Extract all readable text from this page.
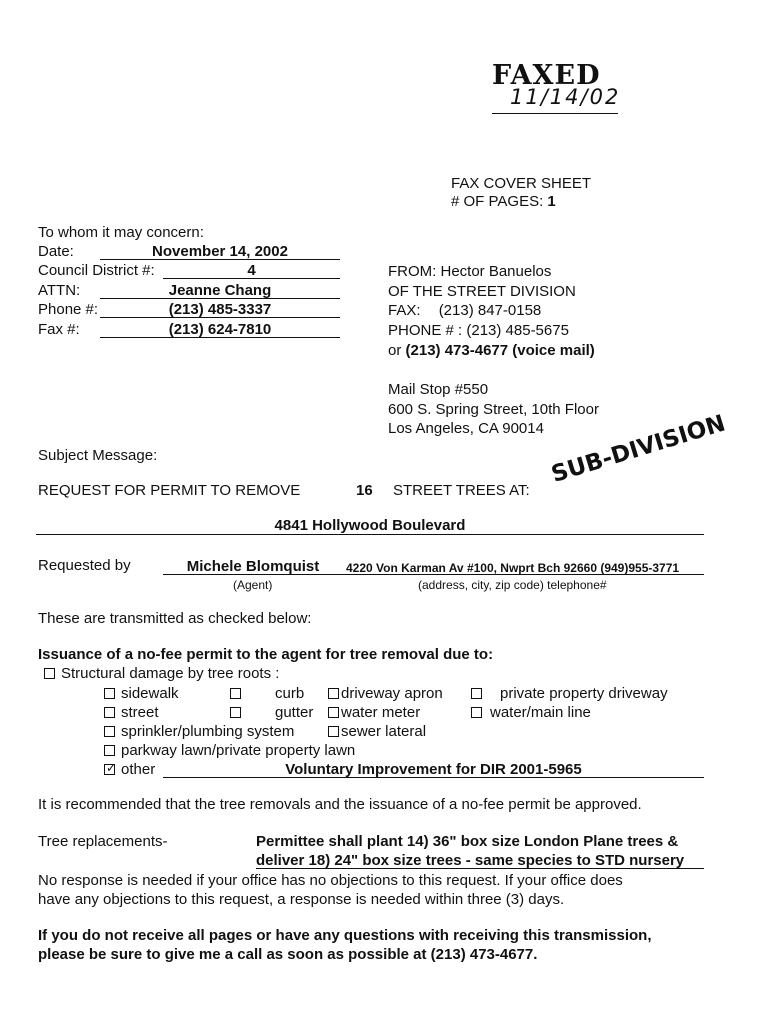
FAXED
11/14/02
FAX COVER SHEET
# OF PAGES: 1
To whom it may concern:
Date:	November 14, 2002
Council District #:	4
ATTN:	Jeanne Chang
Phone #:	(213) 485-3337
Fax #:	(213) 624-7810
FROM: Hector Banuelos
OF THE STREET DIVISION
FAX: (213) 847-0158
PHONE # : (213) 485-5675
or (213) 473-4677 (voice mail)
Mail Stop #550
600 S. Spring Street, 10th Floor
Los Angeles, CA 90014
Subject Message:
REQUEST FOR PERMIT TO REMOVE	16 STREET TREES AT:
SUB-DIVISION
4841 Hollywood Boulevard
Requested by	Michele Blomquist	4220 Von Karman Av #100, Nwprt Bch 92660 (949)955-3771
(Agent)	(address, city, zip code) telephone#
These are transmitted as checked below:
Issuance of a no-fee permit to the agent for tree removal due to:
Structural damage by tree roots :
sidewalk	curb	driveway apron	private property driveway
street	gutter	water meter	water/main line
sprinkler/plumbing system	sewer lateral
parkway lawn/private property lawn
✓ other	Voluntary Improvement for DIR 2001-5965
It is recommended that the tree removals and the issuance of a no-fee permit be approved.
Tree replacements-	Permittee shall plant 14) 36" box size London Plane trees &
deliver 18) 24" box size trees - same species to STD nursery
No response is needed if your office has no objections to this request. If your office does
have any objections to this request, a response is needed within three (3) days.
If you do not receive all pages or have any questions with receiving this transmission,
please be sure to give me a call as soon as possible at (213) 473-4677.
